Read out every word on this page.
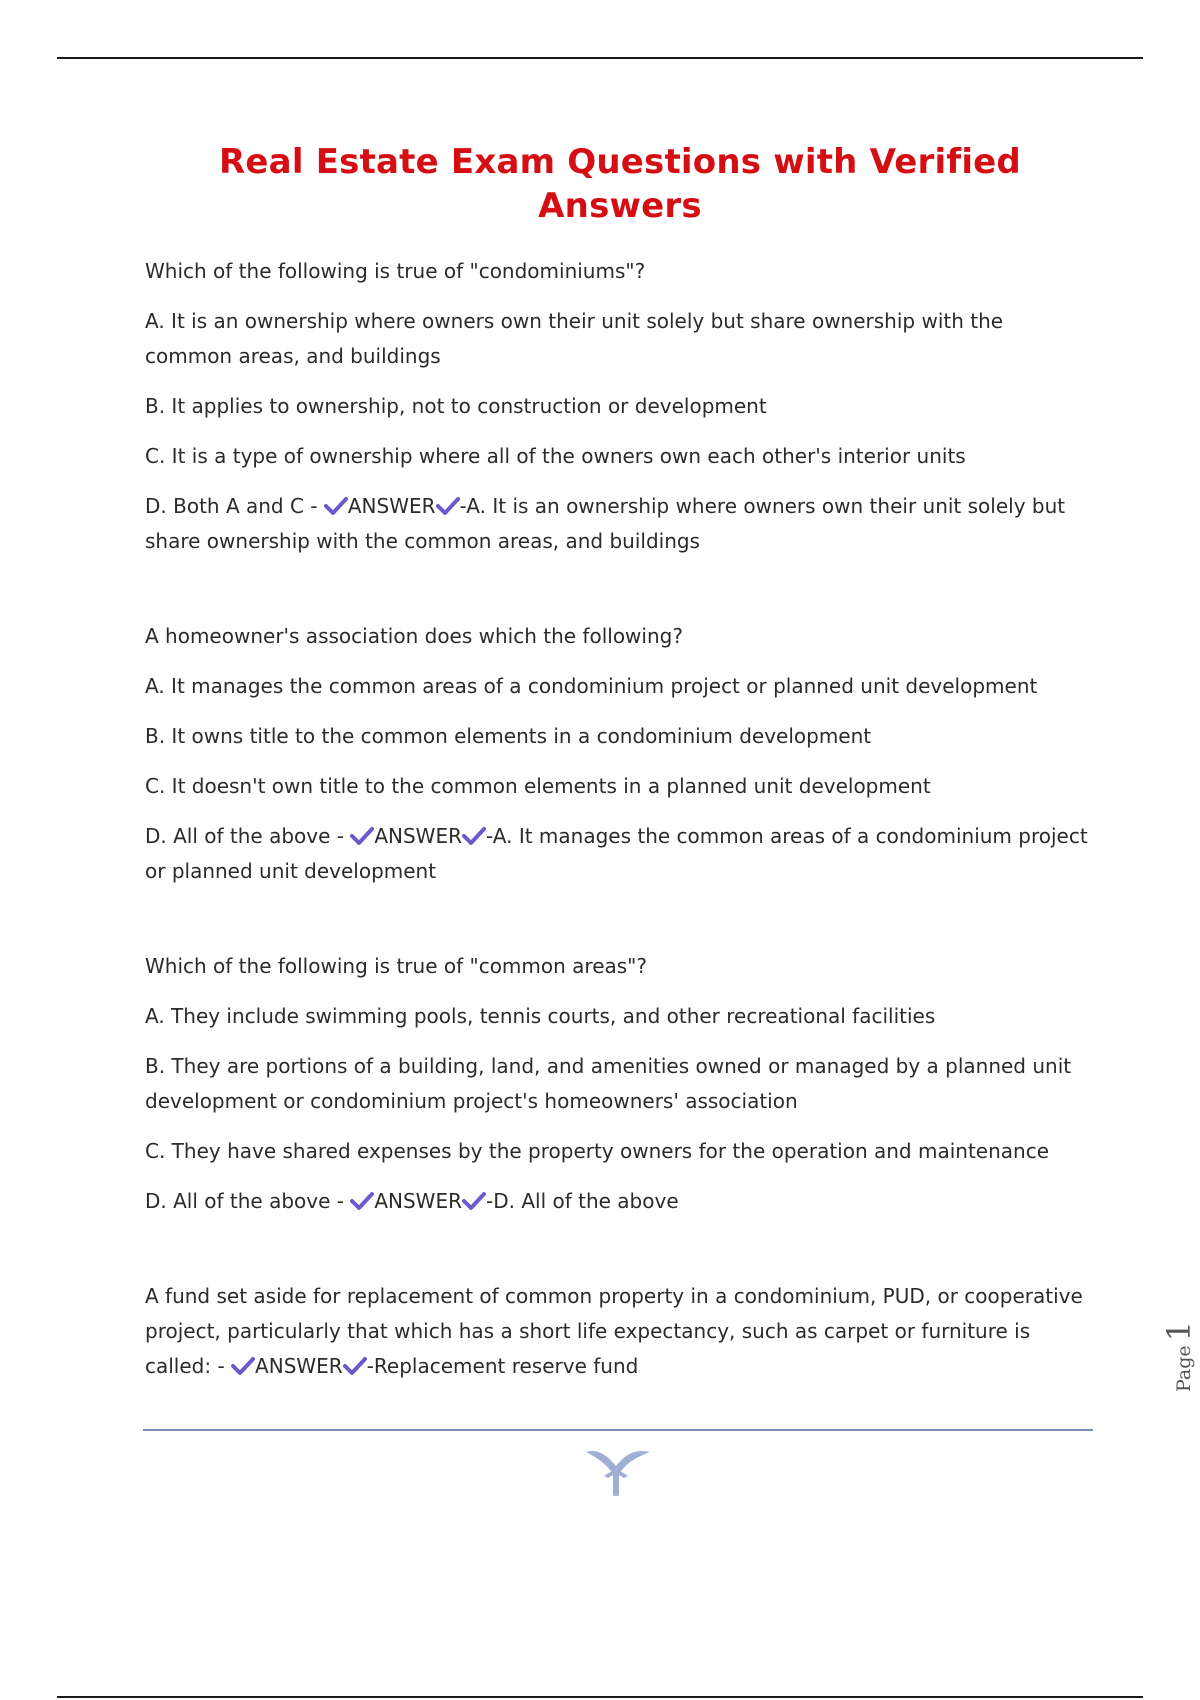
Real Estate Exam Questions with Verified Answers

Which of the following is true of "condominiums"?

A. It is an ownership where owners own their unit solely but share ownership with the common areas, and buildings

B. It applies to ownership, not to construction or development

C. It is a type of ownership where all of the owners own each other's interior units

D. Both A and C -
ANSWER -A. It is an ownership where owners own their unit solely but share ownership with the common areas, and buildings

A homeowner's association does which the following?

A. It manages the common areas of a condominium project or planned unit development

B. It owns title to the common elements in a condominium development

C. It doesn't own title to the common elements in a planned unit development

D. All of the above -
ANSWER -A. It manages the common areas of a condominium project or planned unit development

Which of the following is true of "common areas"?

A. They include swimming pools, tennis courts, and other recreational facilities

B. They are portions of a building, land, and amenities owned or managed by a planned unit development or condominium project's homeowners' association

C. They have shared expenses by the property owners for the operation and maintenance

D. All of the above -
ANSWER -D. All of the above

A fund set aside for replacement of common property in a condominium, PUD, or cooperative project, particularly that which has a short life expectancy, such as carpet or furniture is called: -
ANSWER -Replacement reserve fund	Page1
